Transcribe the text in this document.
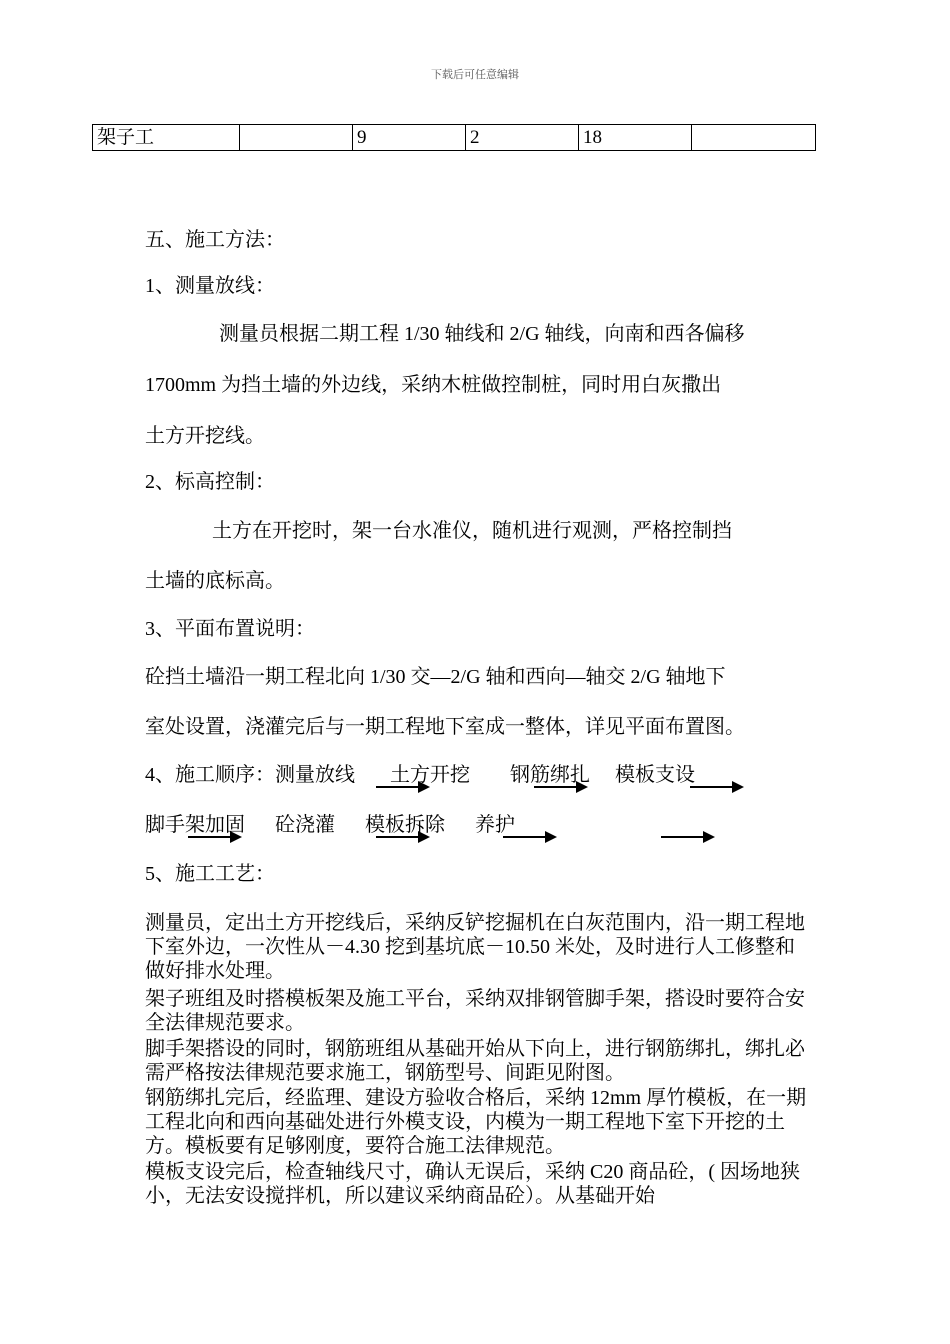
下载后可任意编辑
架子工		9	2	18	
五、施工方法：
1、测量放线：
测量员根据二期工程 1/30 轴线和 2/G 轴线，向南和西各偏移
1700mm 为挡土墙的外边线，采纳木桩做控制桩，同时用白灰撒出
土方开挖线。
2、标高控制：
土方在开挖时，架一台水准仪，随机进行观测，严格控制挡
土墙的底标高。
3、平面布置说明：
砼挡土墙沿一期工程北向 1/30 交—2/G 轴和西向—轴交 2/G 轴地下
室处设置，浇灌完后与一期工程地下室成一整体，详见平面布置图。
4、施工顺序：测量放线       土方开挖        钢筋绑扎     模板支设
脚手架加固      砼浇灌      模板拆除      养护
5、施工工艺：
测量员，定出土方开挖线后，采纳反铲挖掘机在白灰范围内，沿一期工程地下室外边，一次性从－4.30 挖到基坑底－10.50 米处，及时进行人工修整和做好排水处理。
架子班组及时搭模板架及施工平台，采纳双排钢管脚手架，搭设时要符合安全法律规范要求。
脚手架搭设的同时，钢筋班组从基础开始从下向上，进行钢筋绑扎，绑扎必需严格按法律规范要求施工，钢筋型号、间距见附图。
钢筋绑扎完后，经监理、建设方验收合格后，采纳 12mm 厚竹模板，在一期工程北向和西向基础处进行外模支设，内模为一期工程地下室下开挖的土方。模板要有足够刚度，要符合施工法律规范。
模板支设完后，检查轴线尺寸，确认无误后，采纳 C20 商品砼，( 因场地狭小，无法安设搅拌机，所以建议采纳商品砼）。从基础开始
